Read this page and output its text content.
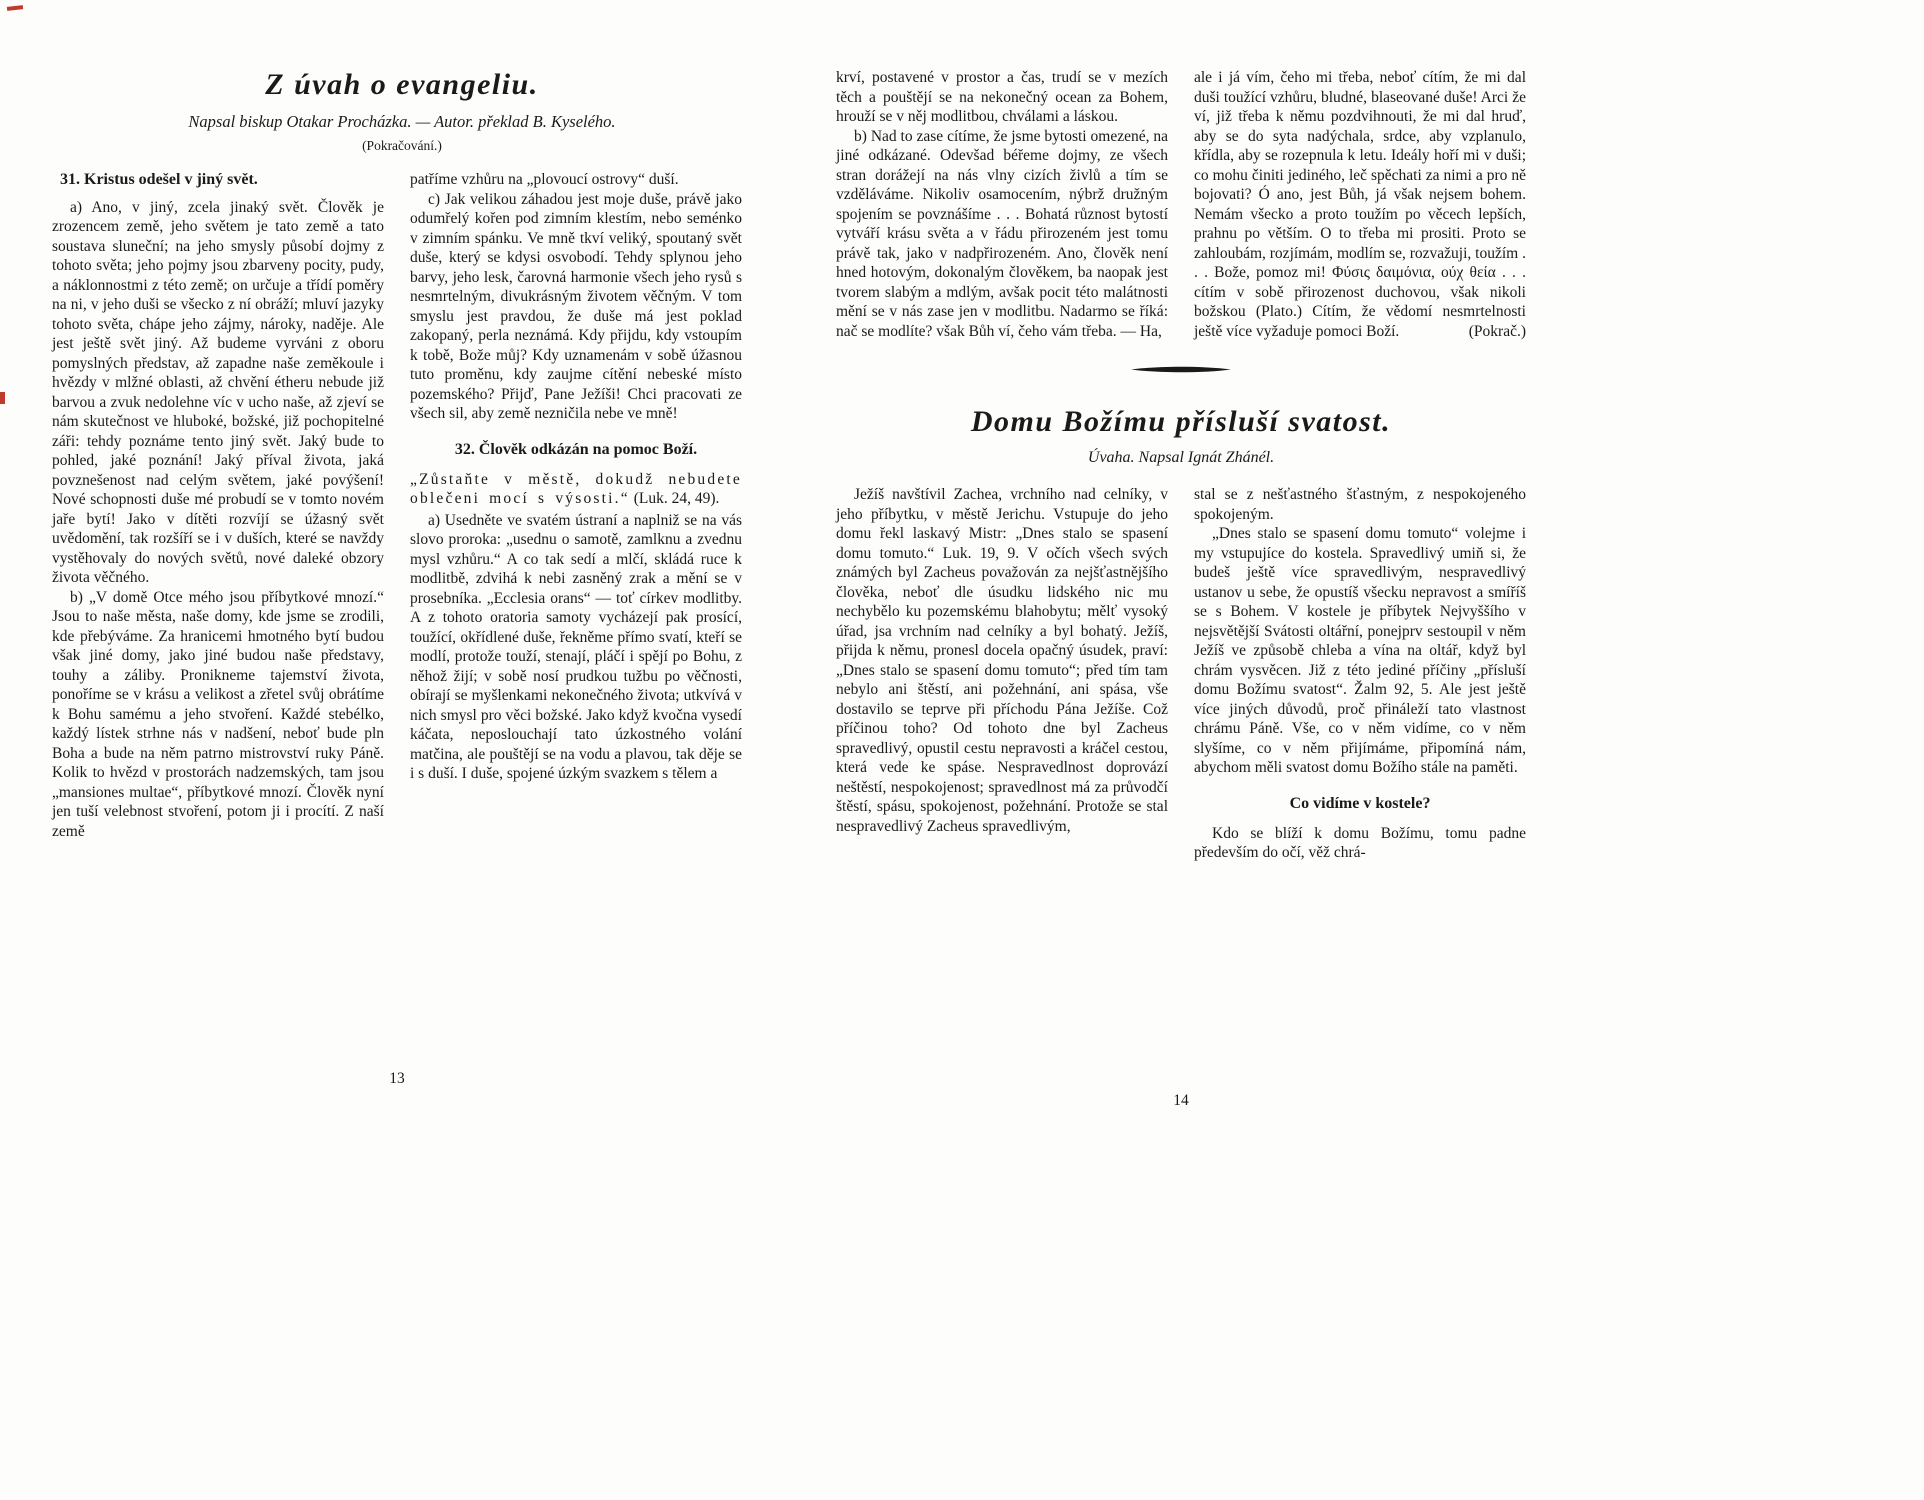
Z úvah o evangeliu.
Napsal biskup Otakar Procházka. — Autor. překlad B. Kyselého.
(Pokračování.)
31. Kristus odešel v jiný svět.

a) Ano, v jiný, zcela jinaký svět. Člověk je zrozencem země, jeho světem je tato země a tato soustava sluneční; na jeho smysly působí dojmy z tohoto světa; jeho pojmy jsou zbarveny pocity, pudy, a náklonnostmi z této země; on určuje a třídí poměry na ni, v jeho duši se všecko z ní obráží; mluví jazyky tohoto světa, chápe jeho zájmy, nároky, naděje. Ale jest ještě svět jiný. Až budeme vyrváni z oboru pomyslných představ, až zapadne naše zeměkoule i hvězdy v mlžné oblasti, až chvění étheru nebude již barvou a zvuk nedolehne víc v ucho naše, až zjeví se nám skutečnost ve hluboké, božské, již pochopitelné záři: tehdy poznáme tento jiný svět. Jaký bude to pohled, jaké poznání! Jaký příval života, jaká povznešenost nad celým světem, jaké povýšení! Nové schopnosti duše mé probudí se v tomto novém jaře bytí! Jako v dítěti rozvíjí se úžasný svět uvědomění, tak rozšíří se i v duších, které se navždy vystěhovaly do nových světů, nové daleké obzory života věčného.

b) „V domě Otce mého jsou příbytkové mnozí.“ Jsou to naše města, naše domy, kde jsme se zrodili, kde přebýváme. Za hranicemi hmotného bytí budou však jiné domy, jako jiné budou naše představy, touhy a záliby. Pronikneme tajemství života, ponoříme se v krásu a velikost a zřetel svůj obrátíme k Bohu samému a jeho stvoření. Každé stebélko, každý lístek strhne nás v nadšení, neboť bude pln Boha a bude na něm patrno mistrovství ruky Páně. Kolik to hvězd v prostorách nadzemských, tam jsou „mansiones multae“, příbytkové mnozí. Člověk nyní jen tuší velebnost stvoření, potom ji i procítí. Z naší země

patříme vzhůru na „plovoucí ostrovy“ duší.

c) Jak velikou záhadou jest moje duše, právě jako odumřelý kořen pod zimním klestím, nebo seménko v zimním spánku. Ve mně tkví veliký, spoutaný svět duše, který se kdysi osvobodí. Tehdy splynou jeho barvy, jeho lesk, čarovná harmonie všech jeho rysů s nesmrtelným, divukrásným životem věčným. V tom smyslu jest pravdou, že duše má jest poklad zakopaný, perla neznámá. Kdy přijdu, kdy vstoupím k tobě, Bože můj? Kdy uznamenám v sobě úžasnou tuto proměnu, kdy zaujme cítění nebeské místo pozemského? Přijď, Pane Ježíši! Chci pracovati ze všech sil, aby země nezničila nebe ve mně!

32. Člověk odkázán na pomoc Boží.

„Zůstaňte v městě, dokudž nebudete oblečeni mocí s výsosti.“ (Luk. 24, 49).

a) Usedněte ve svatém ústraní a naplniž se na vás slovo proroka: „usednu o samotě, zamlknu a zvednu mysl vzhůru.“ A co tak sedí a mlčí, skládá ruce k modlitbě, zdvihá k nebi zasněný zrak a mění se v prosebníka. „Ecclesia orans“ — toť církev modlitby. A z tohoto oratoria samoty vycházejí pak prosící, toužící, okřídlené duše, řekněme přímo svatí, kteří se modlí, protože touží, stenají, pláčí i spějí po Bohu, z něhož žijí; v sobě nosí prudkou tužbu po věčnosti, obírají se myšlenkami nekonečného života; utkvívá v nich smysl pro věci božské. Jako když kvočna vysedí káčata, neposlouchají tato úzkostného volání matčina, ale pouštějí se na vodu a plavou, tak děje se i s duší. I duše, spojené úzkým svazkem s tělem a

13

krví, postavené v prostor a čas, trudí se v mezích těch a pouštějí se na nekonečný ocean za Bohem, hrouží se v něj modlitbou, chválami a láskou.

b) Nad to zase cítíme, že jsme bytosti omezené, na jiné odkázané. Odevšad béřeme dojmy, ze všech stran dorážejí na nás vlny cizích živlů a tím se vzděláváme. Nikoliv osamocením, nýbrž družným spojením se povznášíme . . . Bohatá různost bytostí vytváří krásu světa a v řádu přirozeném jest tomu právě tak, jako v nadpřirozeném. Ano, člověk není hned hotovým, dokonalým člověkem, ba naopak jest tvorem slabým a mdlým, avšak pocit této malátnosti mění se v nás zase jen v modlitbu. Nadarmo se říká: nač se modlíte? však Bůh ví, čeho vám třeba. — Ha,

ale i já vím, čeho mi třeba, neboť cítím, že mi dal duši toužící vzhůru, bludné, blaseované duše! Arci že ví, již třeba k němu pozdvihnouti, že mi dal hruď, aby se do syta nadýchala, srdce, aby vzplanulo, křídla, aby se rozepnula k letu. Ideály hoří mi v duši; co mohu činiti jediného, leč spěchati za nimi a pro ně bojovati? Ó ano, jest Bůh, já však nejsem bohem. Nemám všecko a proto toužím po věcech lepších, prahnu po větším. O to třeba mi prositi. Proto se zahloubám, rozjímám, modlím se, rozvažuji, toužím . . . Bože, pomoz mi! Φύσις δαιμόνια, ούχ θεία . . . cítím v sobě přirozenost duchovou, však nikoli božskou (Plato.) Cítím, že vědomí nesmrtelnosti ještě více vyžaduje pomoci Boží.	(Pokrač.)
Domu Božímu přísluší svatost.
Úvaha. Napsal Ignát Zhánél.

Ježíš navštívil Zachea, vrchního nad celníky, v jeho příbytku, v městě Jerichu. Vstupuje do jeho domu řekl laskavý Mistr: „Dnes stalo se spasení domu tomuto.“ Luk. 19, 9. V očích všech svých známých byl Zacheus považován za nejšťastnějšího člověka, neboť dle úsudku lidského nic mu nechybělo ku pozemskému blahobytu; mělť vysoký úřad, jsa vrchním nad celníky a byl bohatý. Ježíš, přijda k němu, pronesl docela opačný úsudek, praví: „Dnes stalo se spasení domu tomuto“; před tím tam nebylo ani štěstí, ani požehnání, ani spása, vše dostavilo se teprve při příchodu Pána Ježíše. Což příčinou toho? Od tohoto dne byl Zacheus spravedlivý, opustil cestu nepravosti a kráčel cestou, která vede ke spáse. Nespravedlnost doprovází neštěstí, nespokojenost; spravedlnost má za průvodčí štěstí, spásu, spokojenost, požehnání. Protože se stal nespravedlivý Zacheus spravedlivým,

stal se z nešťastného šťastným, z nespokojeného spokojeným.

„Dnes stalo se spasení domu tomuto“ volejme i my vstupujíce do kostela. Spravedlivý umiň si, že budeš ještě více spravedlivým, nespravedlivý ustanov u sebe, že opustíš všecku nepravost a smíříš se s Bohem. V kostele je příbytek Nejvyššího v nejsvětější Svátosti oltářní, ponejprv sestoupil v něm Ježíš ve způsobě chleba a vína na oltář, když byl chrám vysvěcen. Již z této jediné příčiny „přísluší domu Božímu svatost“. Žalm 92, 5. Ale jest ještě více jiných důvodů, proč přináleží tato vlastnost chrámu Páně. Vše, co v něm vidíme, co v něm slyšíme, co v něm přijímáme, připomíná nám, abychom měli svatost domu Božího stále na paměti.

Co vidíme v kostele?

Kdo se blíží k domu Božímu, tomu padne především do očí, věž chrá-

14
